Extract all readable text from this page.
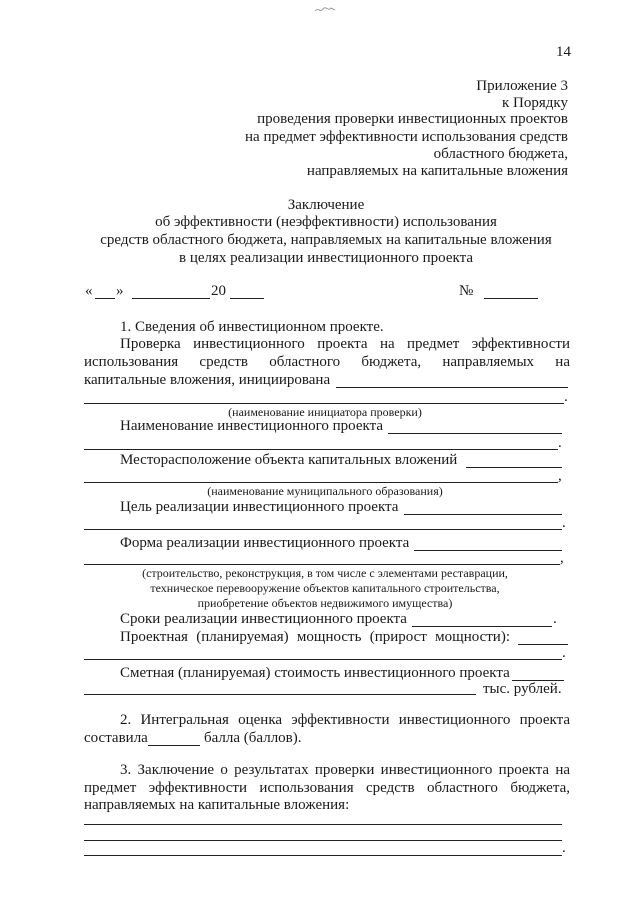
14
Приложение 3
к Порядку
проведения проверки инвестиционных проектов
на предмет эффективности использования средств
областного бюджета,
направляемых на капитальные вложения
Заключение
об эффективности (неэффективности) использования
средств областного бюджета, направляемых на капитальные вложения
в целях реализации инвестиционного проекта
« »	20	№
1. Сведения об инвестиционном проекте.
Проверка инвестиционного проекта на предмет эффективности
использования средств областного бюджета, направляемых на
капитальные вложения, инициирована
.
(наименование инициатора проверки)
Наименование инвестиционного проекта
.
Месторасположение объекта капитальных вложений
,
(наименование муниципального образования)
Цель реализации инвестиционного проекта
.
Форма реализации инвестиционного проекта
,
(строительство, реконструкция, в том числе с элементами реставрации,
техническое перевооружение объектов капитального строительства,
приобретение объектов недвижимого имущества)
Сроки реализации инвестиционного проекта	.
Проектная (планируемая) мощность (прирост мощности):
.
Сметная (планируемая) стоимость инвестиционного проекта
тыс. рублей.
2. Интегральная оценка эффективности инвестиционного проекта
составила	балла (баллов).
3. Заключение о результатах проверки инвестиционного проекта на
предмет эффективности использования средств областного бюджета,
направляемых на капитальные вложения:
.
